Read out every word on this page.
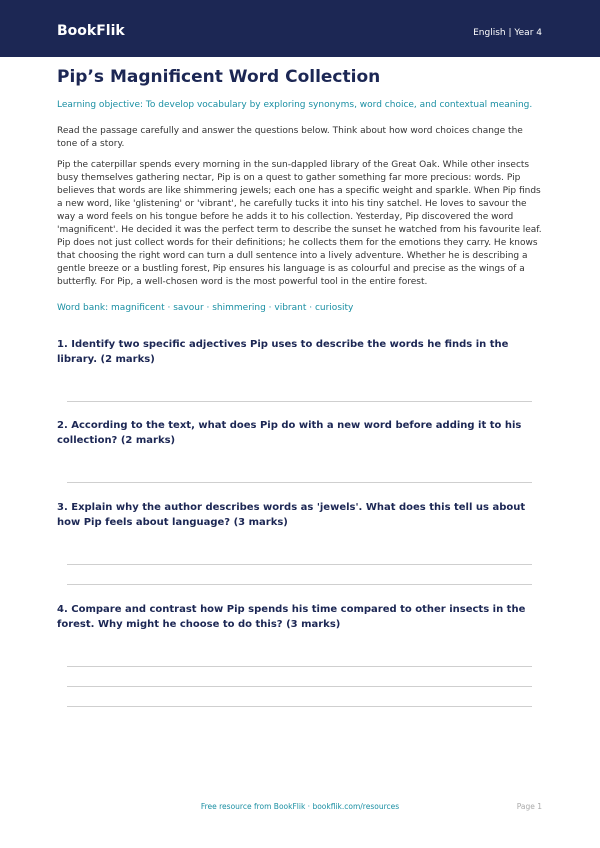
BookFlik	English | Year 4
Pip’s Magnificent Word Collection

Learning objective: To develop vocabulary by exploring synonyms, word choice, and contextual meaning.

Read the passage carefully and answer the questions below. Think about how word choices change the tone of a story.

Pip the caterpillar spends every morning in the sun-dappled library of the Great Oak. While other insects busy themselves gathering nectar, Pip is on a quest to gather something far more precious: words. Pip believes that words are like shimmering jewels; each one has a specific weight and sparkle. When Pip finds a new word, like 'glistening' or 'vibrant', he carefully tucks it into his tiny satchel. He loves to savour the way a word feels on his tongue before he adds it to his collection. Yesterday, Pip discovered the word 'magnificent'. He decided it was the perfect term to describe the sunset he watched from his favourite leaf. Pip does not just collect words for their definitions; he collects them for the emotions they carry. He knows that choosing the right word can turn a dull sentence into a lively adventure. Whether he is describing a gentle breeze or a bustling forest, Pip ensures his language is as colourful and precise as the wings of a butterfly. For Pip, a well-chosen word is the most powerful tool in the entire forest.

Word bank: magnificent · savour · shimmering · vibrant · curiosity

1. Identify two specific adjectives Pip uses to describe the words he finds in the library. (2 marks)
2. According to the text, what does Pip do with a new word before adding it to his collection? (2 marks)
3. Explain why the author describes words as 'jewels'. What does this tell us about how Pip feels about language? (3 marks)
4. Compare and contrast how Pip spends his time compared to other insects in the forest. Why might he choose to do this? (3 marks)
Free resource from BookFlik · bookflik.com/resources	Page 1
